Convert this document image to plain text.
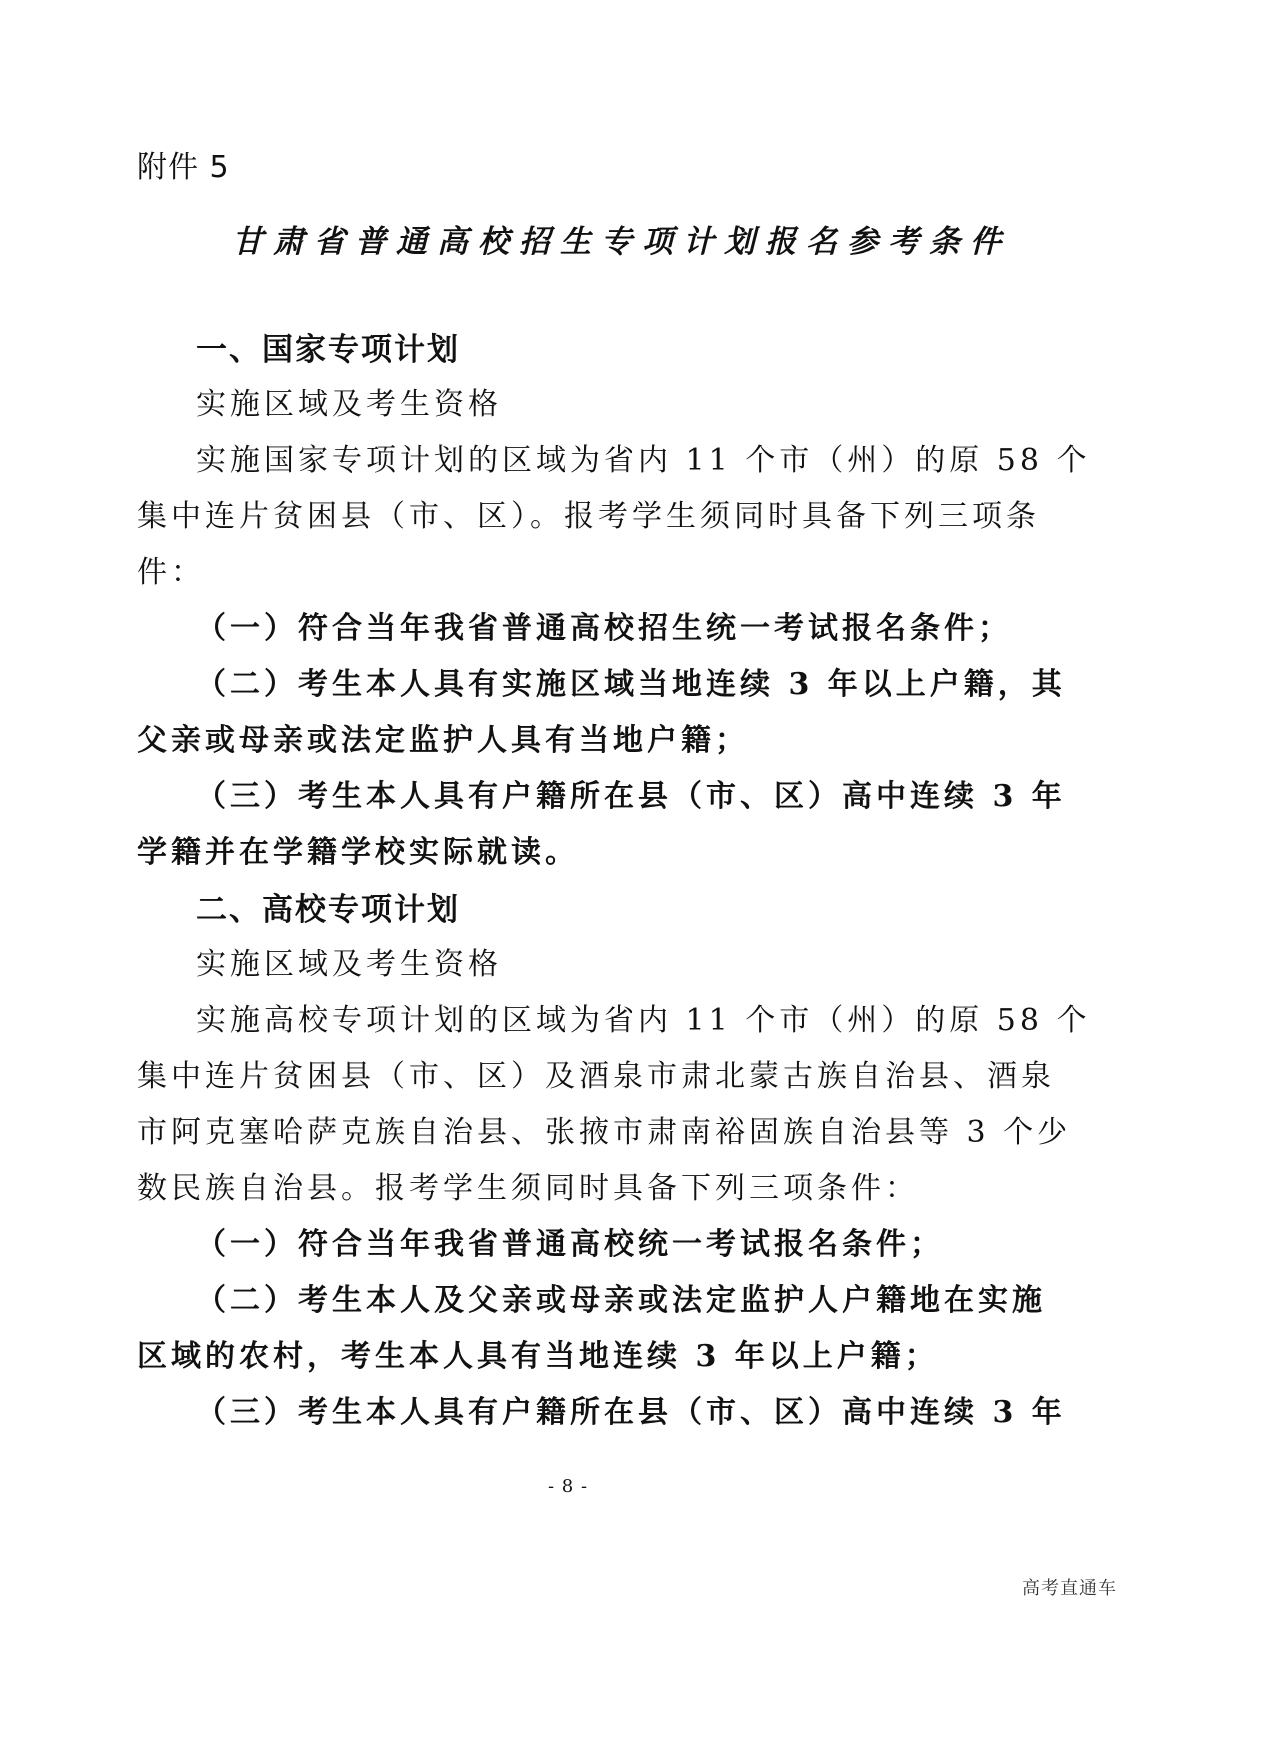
附件 5
甘肃省普通高校招生专项计划报名参考条件
一、国家专项计划
实施区域及考生资格
实施国家专项计划的区域为省内 11 个市（州）的原 58 个
集中连片贫困县（市、区）。报考学生须同时具备下列三项条
件：
（一）符合当年我省普通高校招生统一考试报名条件；
（二）考生本人具有实施区域当地连续 3 年以上户籍，其
父亲或母亲或法定监护人具有当地户籍；
（三）考生本人具有户籍所在县（市、区）高中连续 3 年
学籍并在学籍学校实际就读。
二、高校专项计划
实施区域及考生资格
实施高校专项计划的区域为省内 11 个市（州）的原 58 个
集中连片贫困县（市、区）及酒泉市肃北蒙古族自治县、酒泉
市阿克塞哈萨克族自治县、张掖市肃南裕固族自治县等 3 个少
数民族自治县。报考学生须同时具备下列三项条件：
（一）符合当年我省普通高校统一考试报名条件；
（二）考生本人及父亲或母亲或法定监护人户籍地在实施
区域的农村，考生本人具有当地连续 3 年以上户籍；
（三）考生本人具有户籍所在县（市、区）高中连续 3 年
- 8 -
高考直通车
